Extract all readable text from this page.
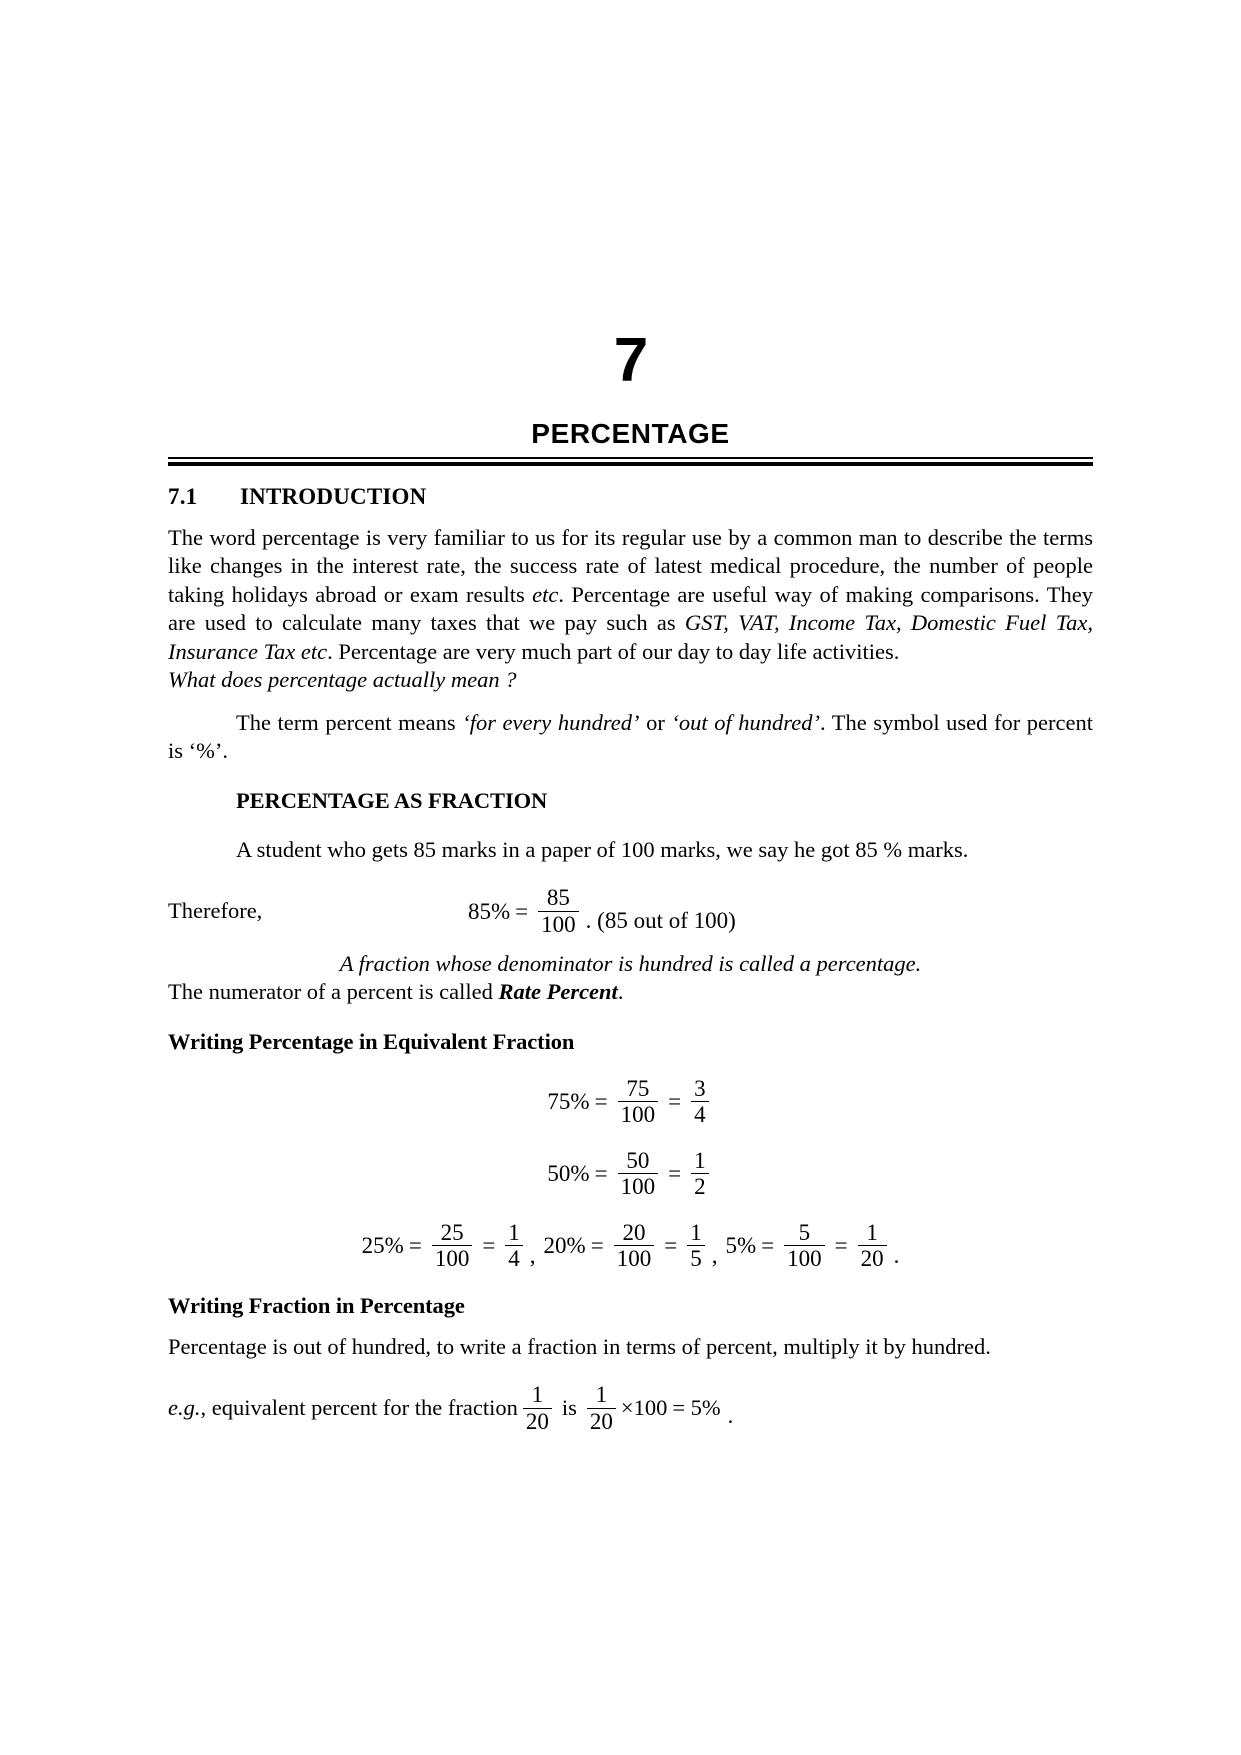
7
PERCENTAGE
7.1	INTRODUCTION

The word percentage is very familiar to us for its regular use by a common man to describe the terms like changes in the interest rate, the success rate of latest medical procedure, the number of people taking holidays abroad or exam results etc. Percentage are useful way of making comparisons. They are used to calculate many taxes that we pay such as GST, VAT, Income Tax, Domestic Fuel Tax, Insurance Tax etc. Percentage are very much part of our day to day life activities.

What does percentage actually mean ?

The term percent means ‘for every hundred’ or ‘out of hundred’. The symbol used for percent is ‘%’.

PERCENTAGE AS FRACTION

A student who gets 85 marks in a paper of 100 marks, we say he got 85 % marks.

Therefore,	$85\% = \frac{85}{100}$ . (85 out of 100)

A fraction whose denominator is hundred is called a percentage.

The numerator of a percent is called Rate Percent.

Writing Percentage in Equivalent Fraction
$75\% = \frac{75}{100} = \frac{3}{4}$
$50\% = \frac{50}{100} = \frac{1}{2}$
$25\% = \frac{25}{100} = \frac{1}{4}$ , $20\% = \frac{20}{100} = \frac{1}{5}$ , $5\% = \frac{5}{100} = \frac{1}{20}$ .
Writing Fraction in Percentage

Percentage is out of hundred, to write a fraction in terms of percent, multiply it by hundred.

e.g. , equivalent percent for the fraction $\frac{1}{20}$ is $\frac{1}{20} \times 100 = 5\%$ .
